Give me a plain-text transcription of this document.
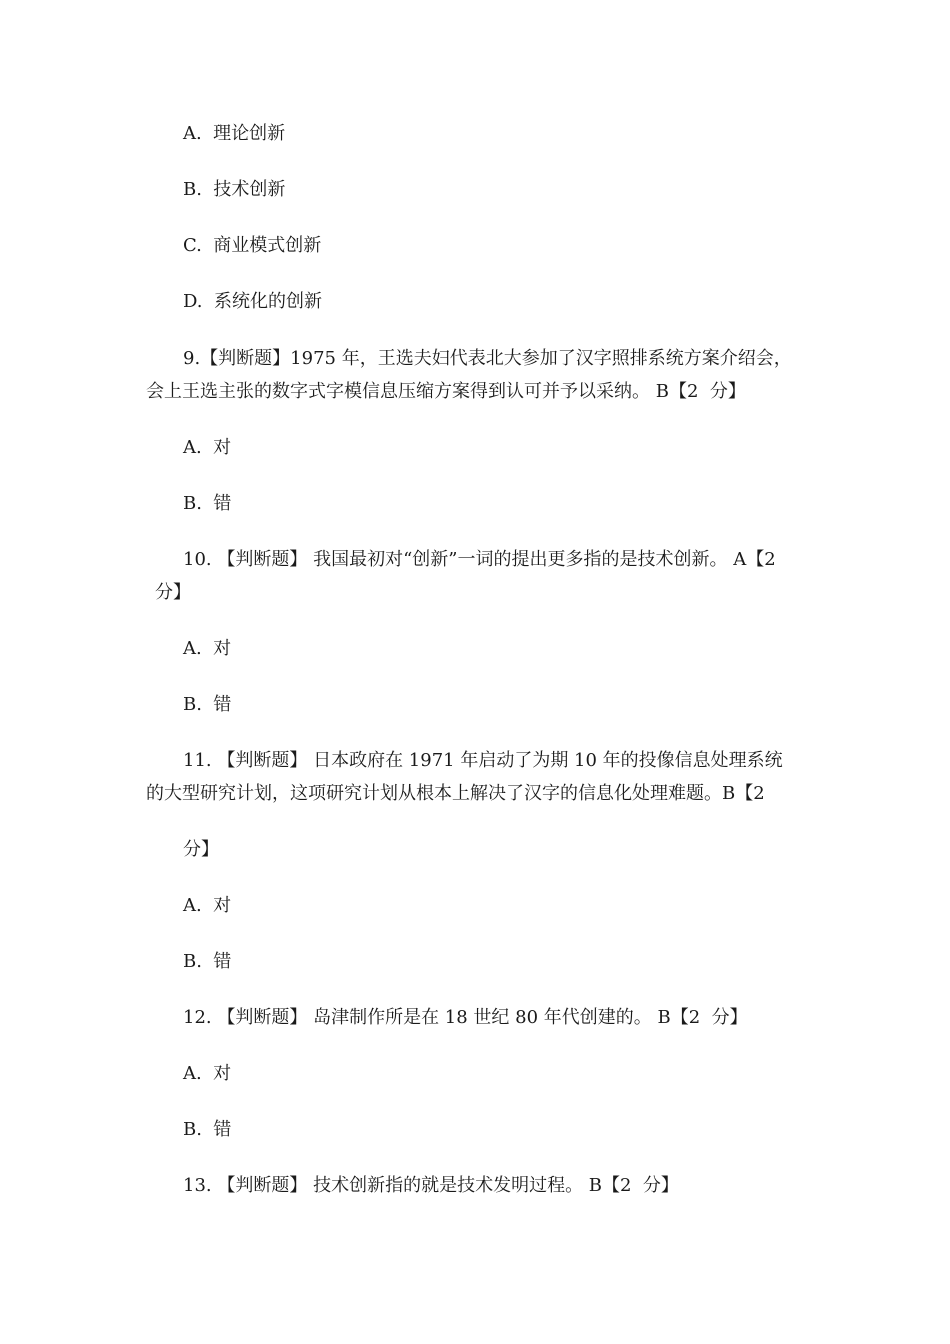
A.  理论创新
B.  技术创新
C.  商业模式创新
D.  系统化的创新
9.【判断题】1975 年，王选夫妇代表北大参加了汉字照排系统方案介绍会，
会上王选主张的数字式字模信息压缩方案得到认可并予以采纳。 B【2  分】
A.  对
B.  错
10. 【判断题】 我国最初对“创新”一词的提出更多指的是技术创新。 A【2
分】
A.  对
B.  错
11. 【判断题】 日本政府在 1971 年启动了为期 10 年的投像信息处理系统
的大型研究计划，这项研究计划从根本上解决了汉字的信息化处理难题。B【2
分】
A.  对
B.  错
12. 【判断题】 岛津制作所是在 18 世纪 80 年代创建的。 B【2  分】
A.  对
B.  错
13. 【判断题】 技术创新指的就是技术发明过程。 B【2  分】
